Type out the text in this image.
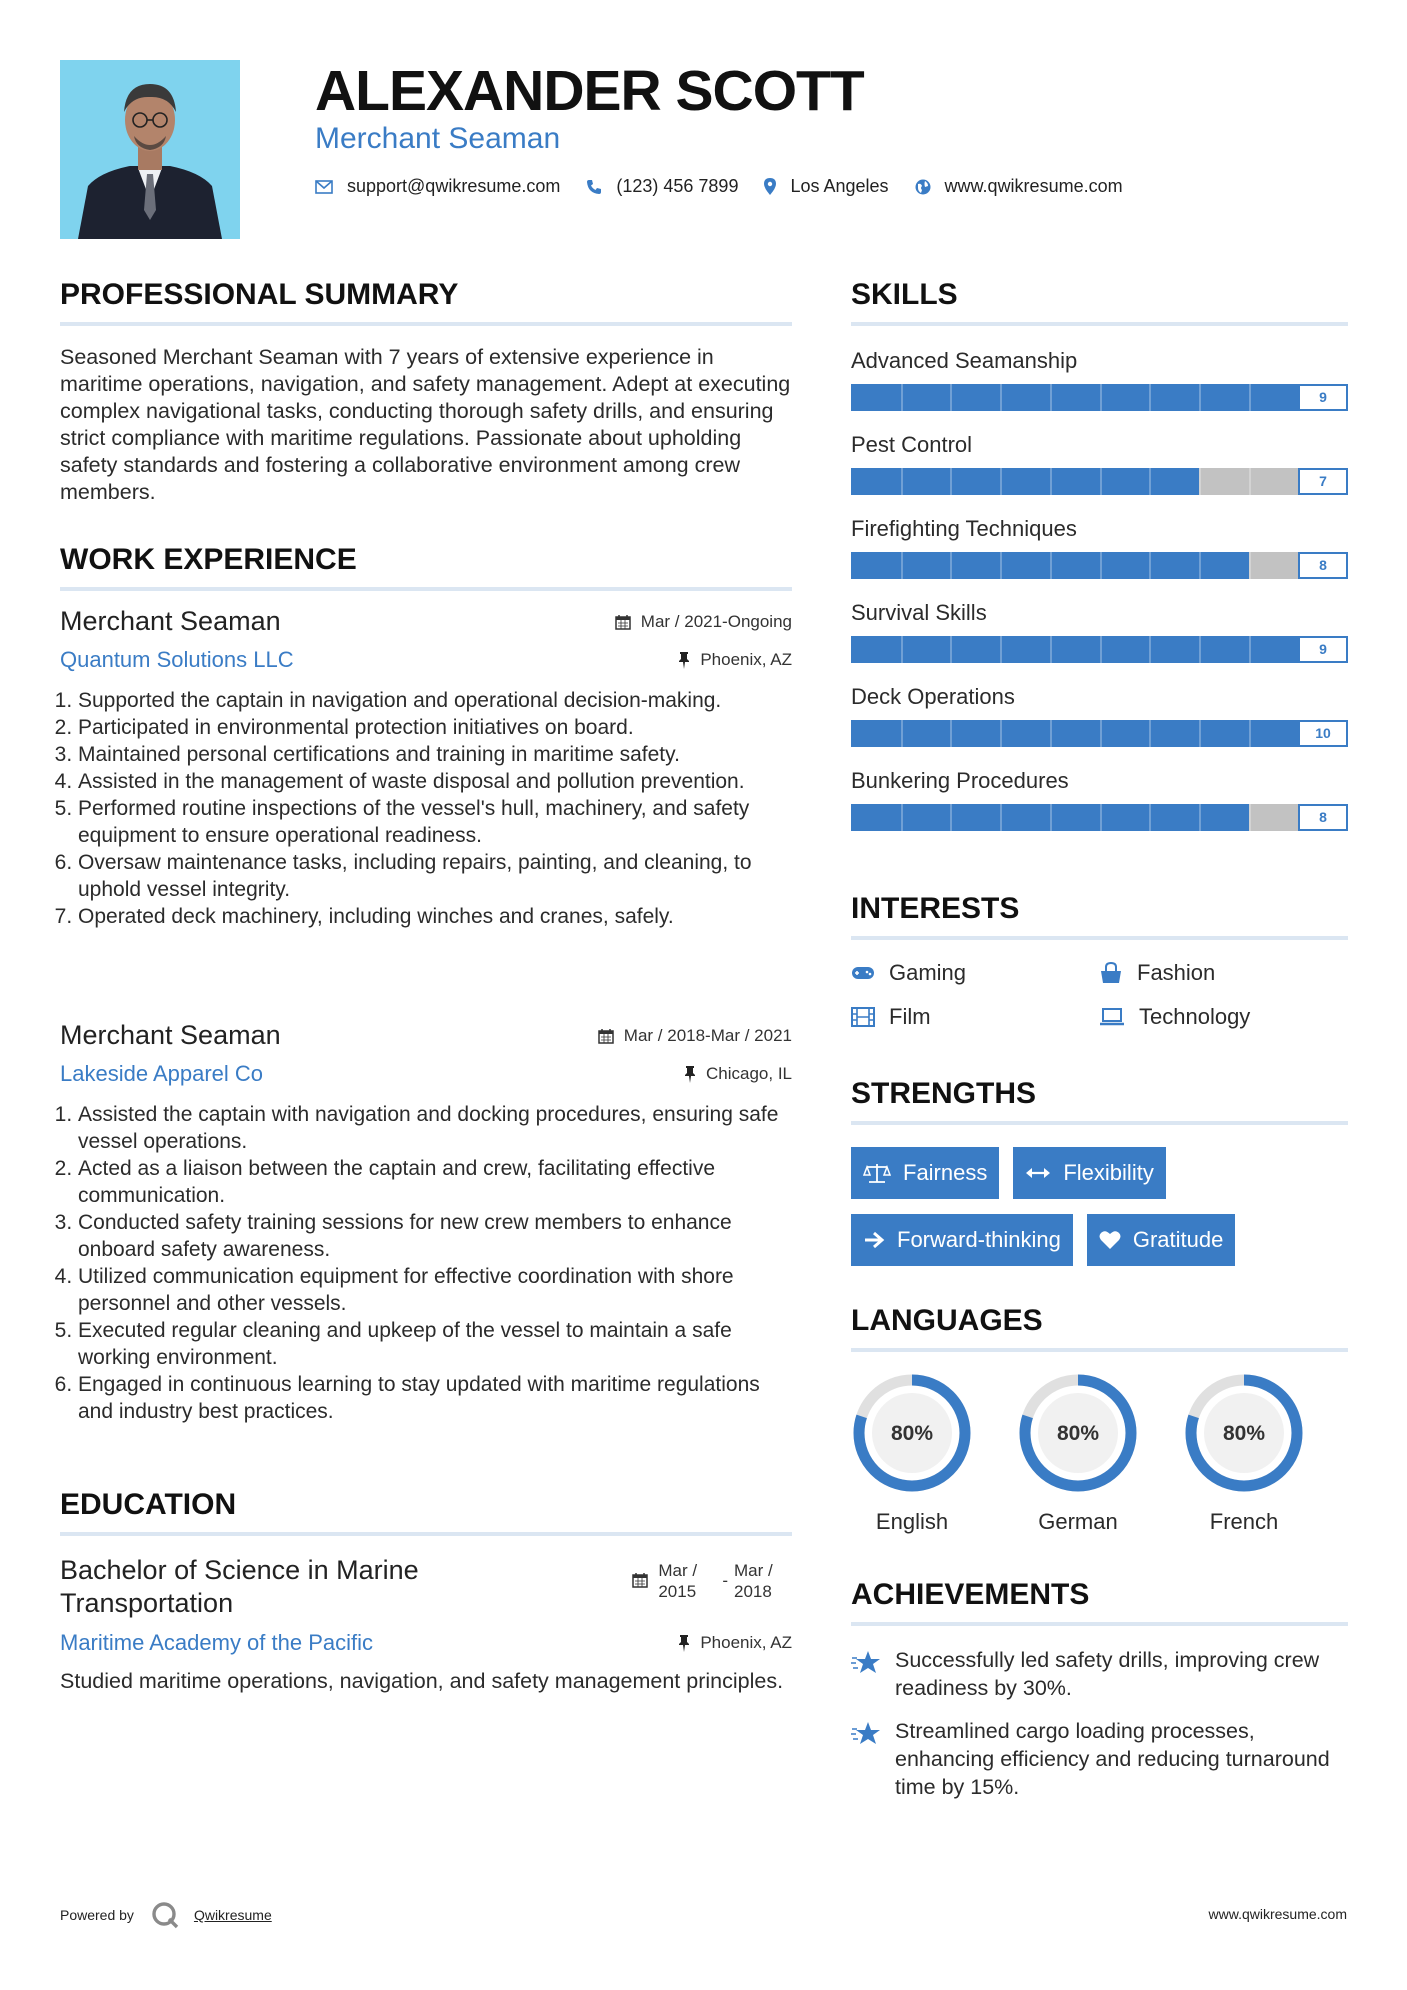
ALEXANDER SCOTT
Merchant Seaman
support@qwikresume.com	(123) 456 7899	Los Angeles	www.qwikresume.com
PROFESSIONAL SUMMARY
Seasoned Merchant Seaman with 7 years of extensive experience in maritime operations, navigation, and safety management. Adept at executing complex navigational tasks, conducting thorough safety drills, and ensuring strict compliance with maritime regulations. Passionate about upholding safety standards and fostering a collaborative environment among crew members.
WORK EXPERIENCE
Merchant Seaman	Mar / 2021-Ongoing
Quantum Solutions LLC	Phoenix, AZ
1. Supported the captain in navigation and operational decision-making.
2. Participated in environmental protection initiatives on board.
3. Maintained personal certifications and training in maritime safety.
4. Assisted in the management of waste disposal and pollution prevention.
5. Performed routine inspections of the vessel's hull, machinery, and safety equipment to ensure operational readiness.
6. Oversaw maintenance tasks, including repairs, painting, and cleaning, to uphold vessel integrity.
7. Operated deck machinery, including winches and cranes, safely.
Merchant Seaman	Mar / 2018-Mar / 2021
Lakeside Apparel Co	Chicago, IL
1. Assisted the captain with navigation and docking procedures, ensuring safe vessel operations.
2. Acted as a liaison between the captain and crew, facilitating effective communication.
3. Conducted safety training sessions for new crew members to enhance onboard safety awareness.
4. Utilized communication equipment for effective coordination with shore personnel and other vessels.
5. Executed regular cleaning and upkeep of the vessel to maintain a safe working environment.
6. Engaged in continuous learning to stay updated with maritime regulations and industry best practices.
EDUCATION
Bachelor of Science in Marine Transportation
Mar / 2015
-
Mar / 2018
Maritime Academy of the Pacific	Phoenix, AZ
Studied maritime operations, navigation, and safety management principles.
SKILLS
Advanced Seamanship
9
Pest Control
7
Firefighting Techniques
8
Survival Skills
9
Deck Operations
10
Bunkering Procedures
8
INTERESTS
Gaming	Fashion
Film	Technology
STRENGTHS
Fairness	Flexibility
Forward-thinking	Gratitude
LANGUAGES
80%
English
80%
German
80%
French
ACHIEVEMENTS
Successfully led safety drills, improving crew readiness by 30%.
Streamlined cargo loading processes, enhancing efficiency and reducing turnaround time by 15%.
Powered by	Qwikresume	www.qwikresume.com
